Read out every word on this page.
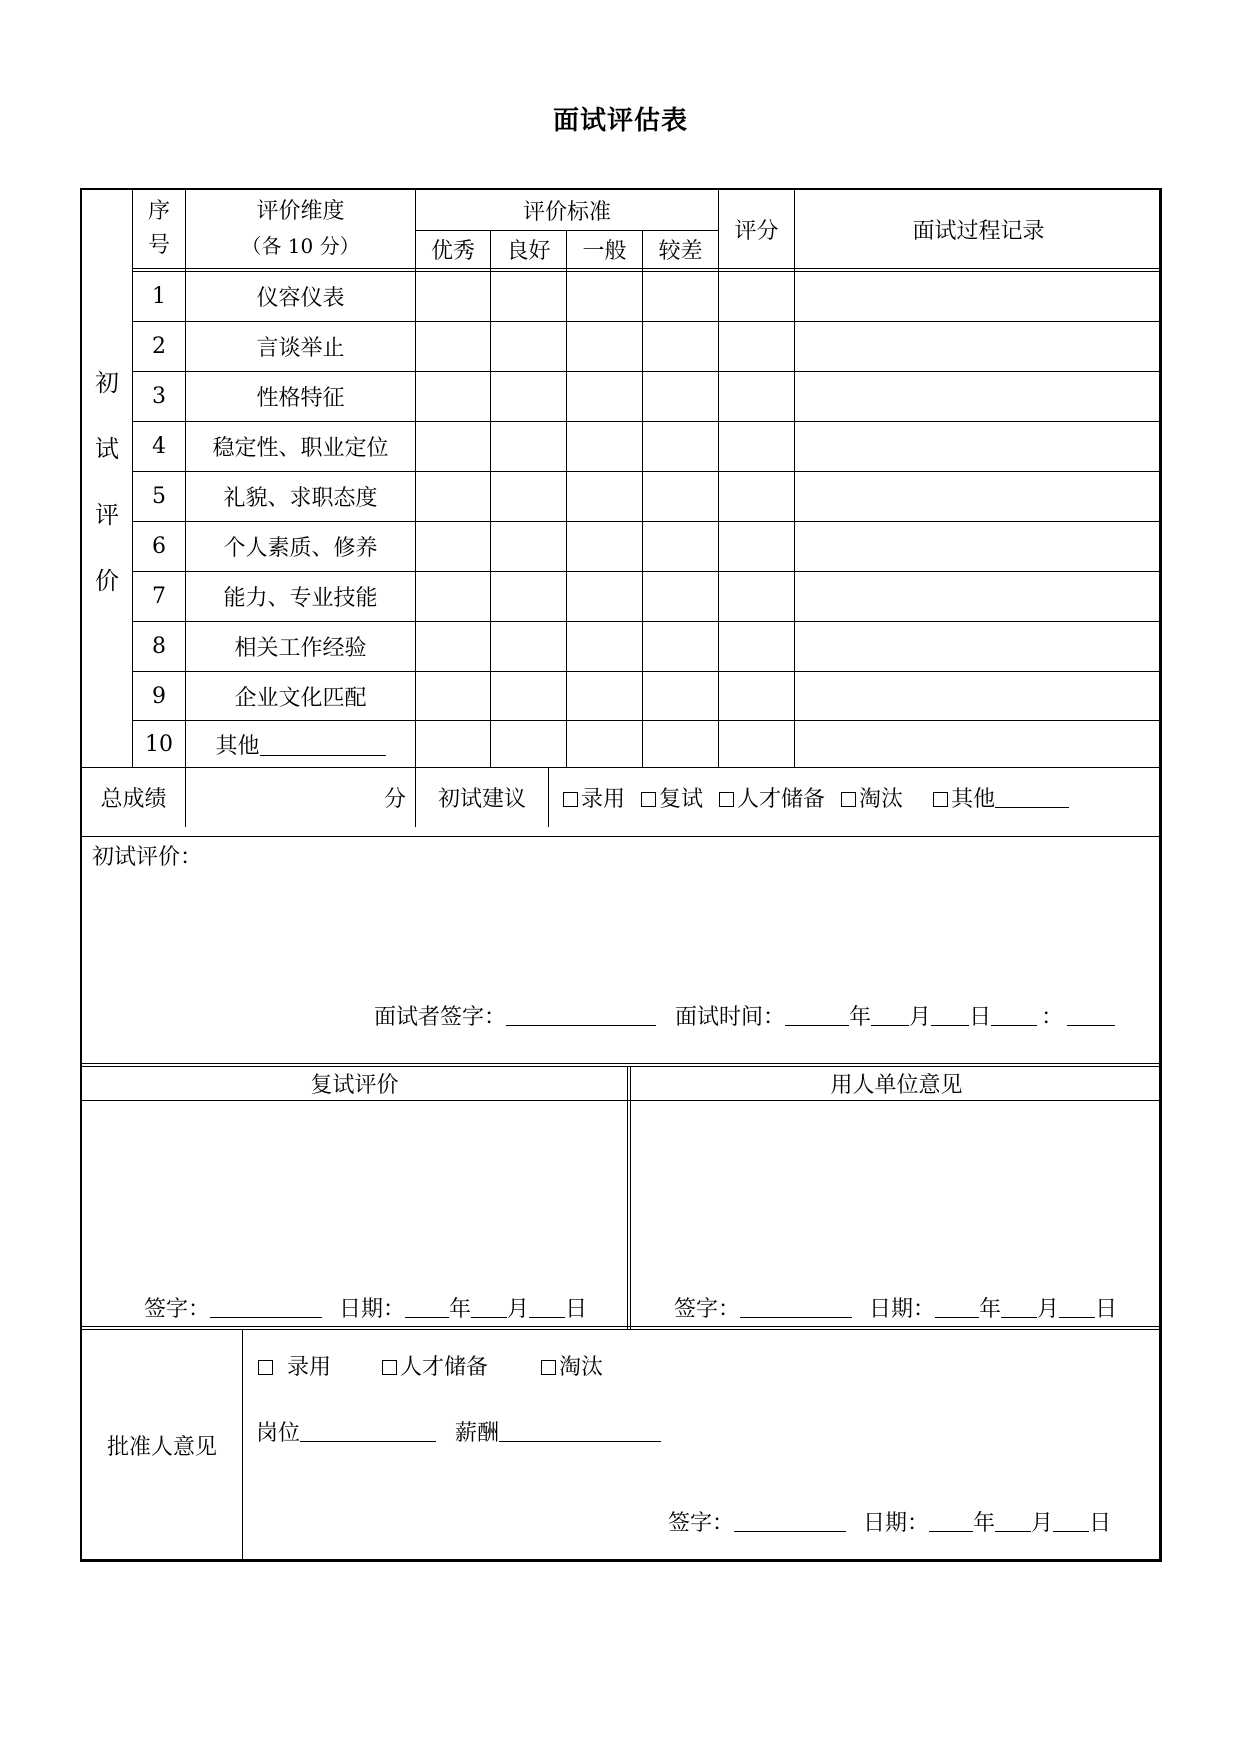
面试评估表
初
试
评
价
序
号
评价维度
（各 10 分）
评价标准
优秀	良好	一般	较差
评分	面试过程记录
1	仪容仪表
2	言谈举止
3	性格特征
4	稳定性、职业定位
5	礼貌、求职态度
6	个人素质、修养
7	能力、专业技能
8	相关工作经验
9	企业文化匹配
10	其他
总成绩	分	初试建议	录用	复试	人才储备	淘汰	其他
初试评价：
面试者签字：	面试时间：	年 月 日 ：
复试评价	用人单位意见
签字：	日期： 年 月 日	签字：	日期： 年 月 日
批准人意见
录用	人才储备	淘汰
岗位	薪酬
签字：	日期： 年 月 日
